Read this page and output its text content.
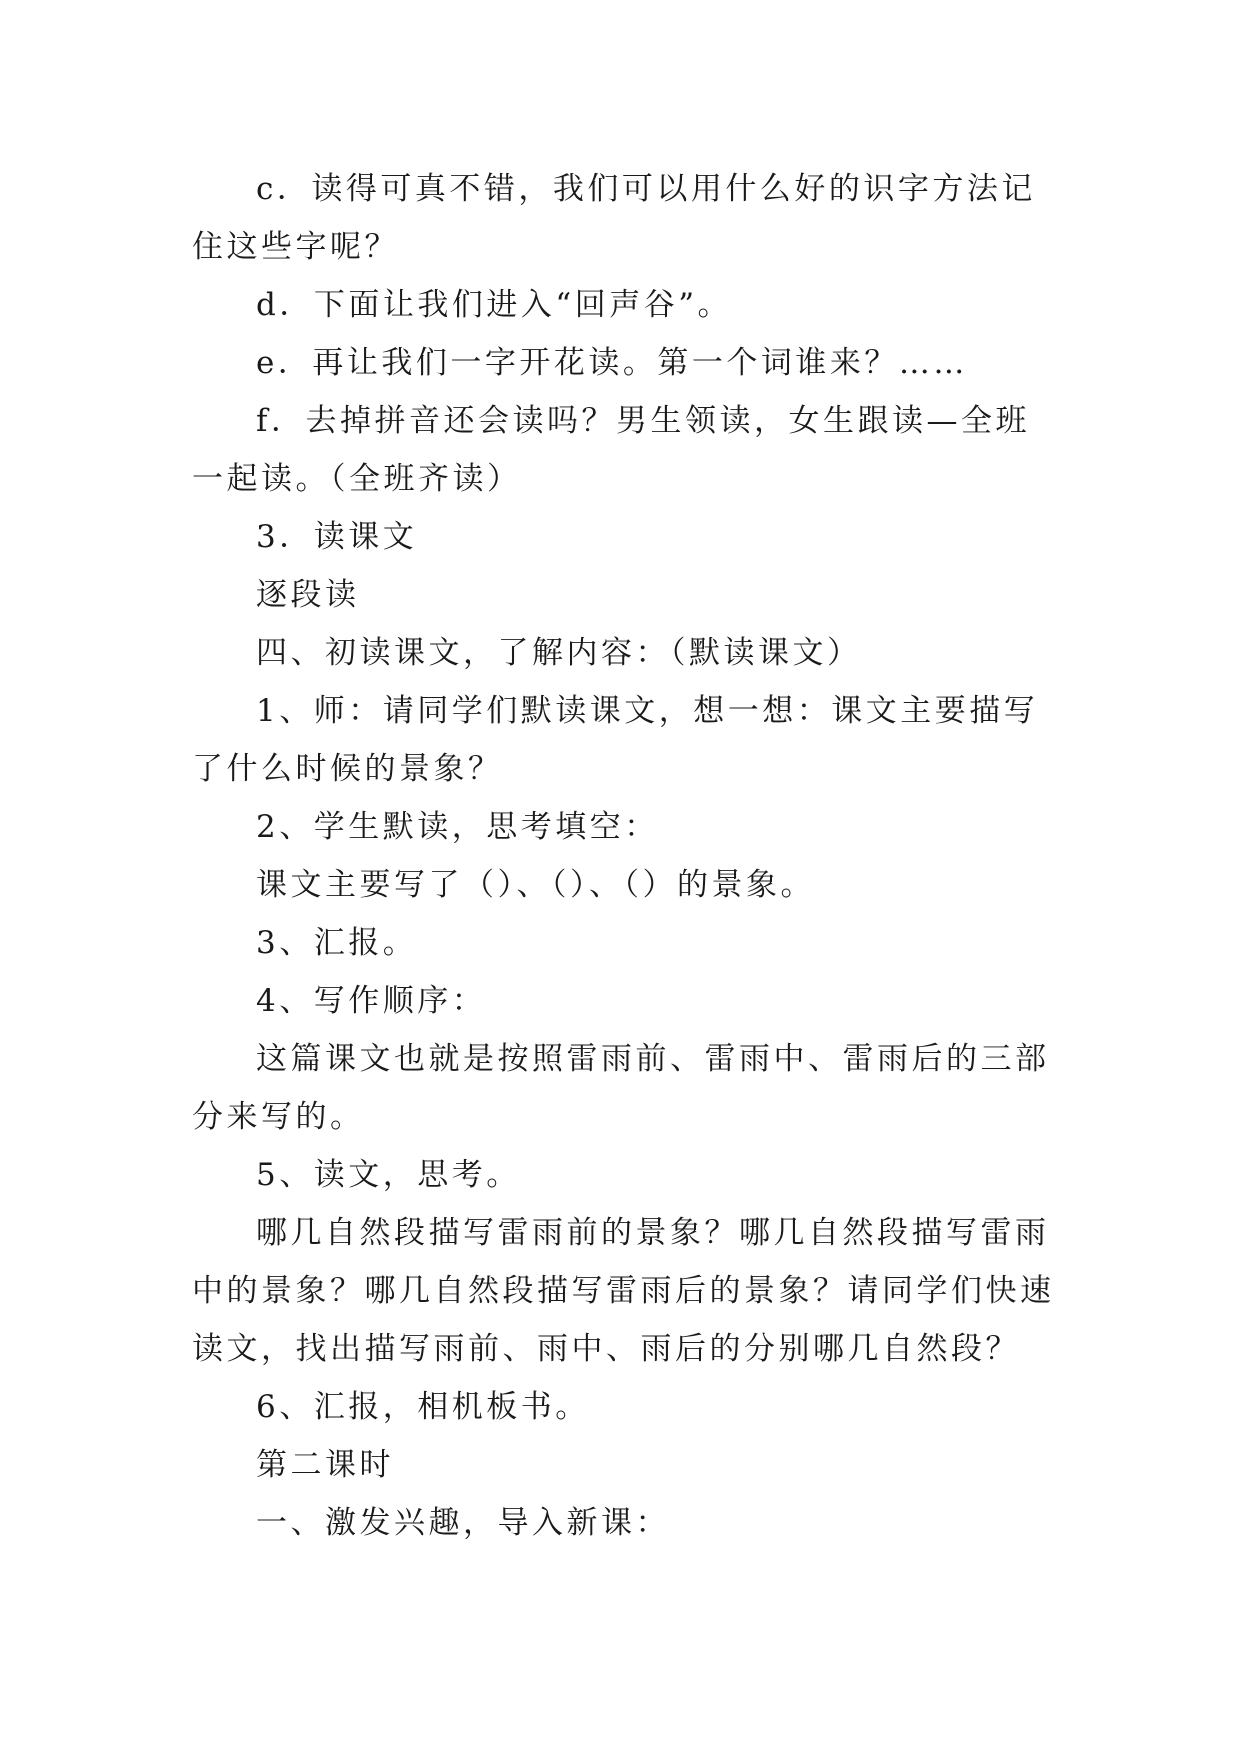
c．读得可真不错，我们可以用什么好的识字方法记住这些字呢？

d．下面让我们进入“回声谷”。

e．再让我们一字开花读。第一个词谁来？……

f．去掉拼音还会读吗？男生领读，女生跟读—全班一起读。（全班齐读）

3．读课文

逐段读

四、初读课文，了解内容：（默读课文）

1、师：请同学们默读课文，想一想：课文主要描写了什么时候的景象？

2、学生默读，思考填空：

课文主要写了（）、（）、（）的景象。

3、汇报。

4、写作顺序：

这篇课文也就是按照雷雨前、雷雨中、雷雨后的三部分来写的。

5、读文，思考。

哪几自然段描写雷雨前的景象？哪几自然段描写雷雨中的景象？哪几自然段描写雷雨后的景象？请同学们快速读文，找出描写雨前、雨中、雨后的分别哪几自然段？

6、汇报，相机板书。

第二课时

一、激发兴趣，导入新课：
